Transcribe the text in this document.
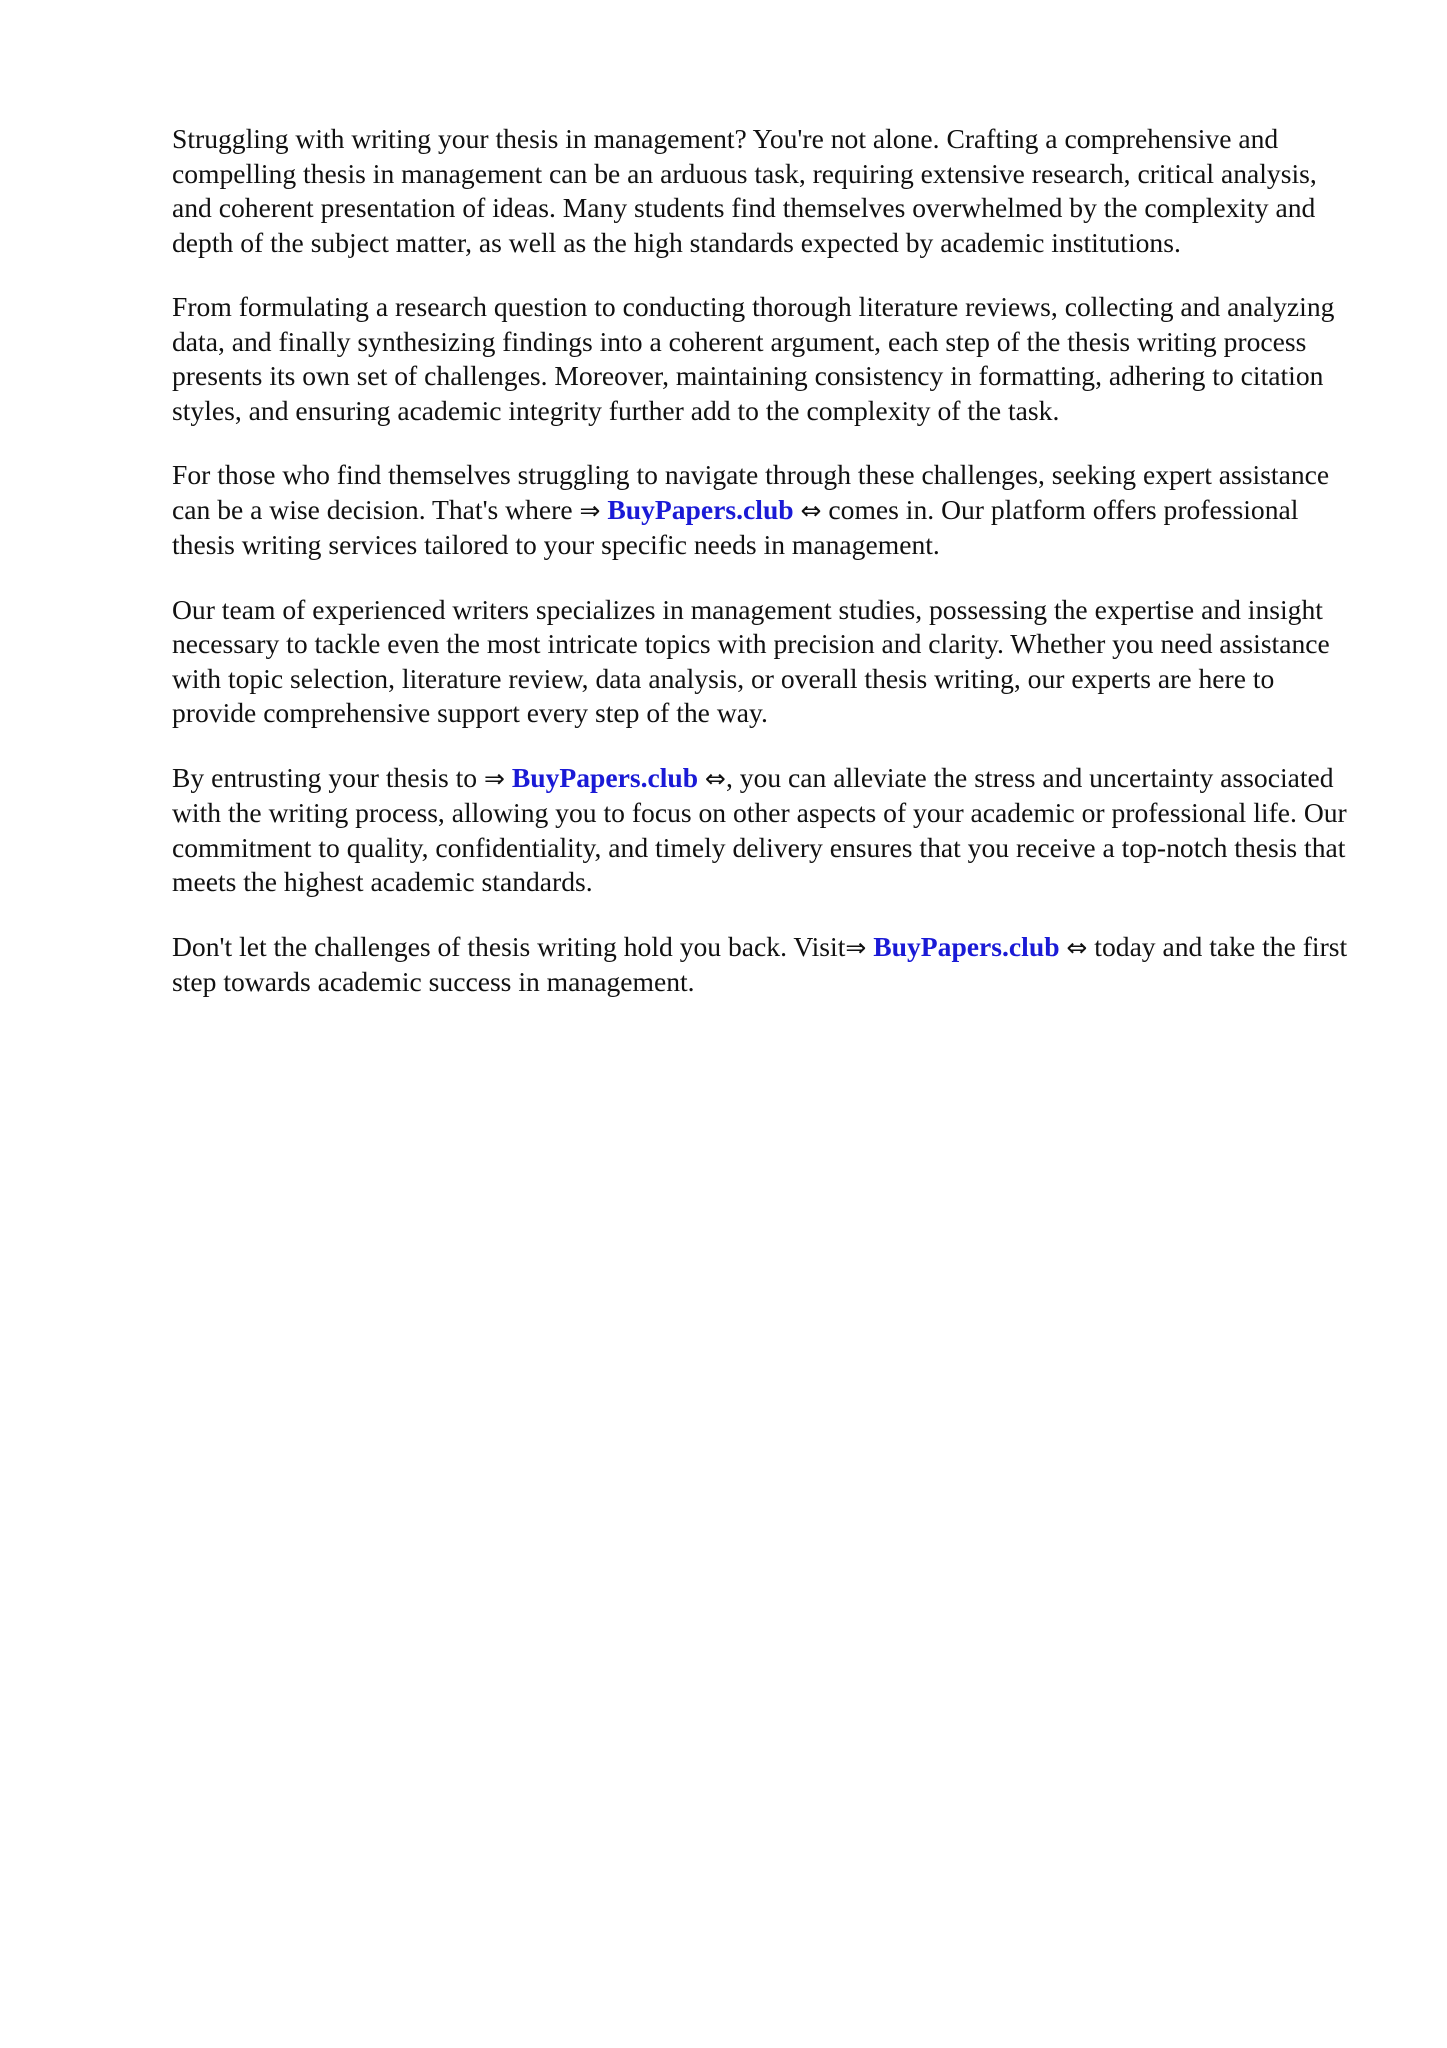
Struggling with writing your thesis in management? You're not alone. Crafting a comprehensive and compelling thesis in management can be an arduous task, requiring extensive research, critical analysis, and coherent presentation of ideas. Many students find themselves overwhelmed by the complexity and depth of the subject matter, as well as the high standards expected by academic institutions.

From formulating a research question to conducting thorough literature reviews, collecting and analyzing data, and finally synthesizing findings into a coherent argument, each step of the thesis writing process presents its own set of challenges. Moreover, maintaining consistency in formatting, adhering to citation styles, and ensuring academic integrity further add to the complexity of the task.

For those who find themselves struggling to navigate through these challenges, seeking expert assistance can be a wise decision. That's where ⇒ BuyPapers.club ⇔ comes in. Our platform offers professional thesis writing services tailored to your specific needs in management.

Our team of experienced writers specializes in management studies, possessing the expertise and insight necessary to tackle even the most intricate topics with precision and clarity. Whether you need assistance with topic selection, literature review, data analysis, or overall thesis writing, our experts are here to provide comprehensive support every step of the way.

By entrusting your thesis to ⇒ BuyPapers.club ⇔, you can alleviate the stress and uncertainty associated with the writing process, allowing you to focus on other aspects of your academic or professional life. Our commitment to quality, confidentiality, and timely delivery ensures that you receive a top-notch thesis that meets the highest academic standards.

Don't let the challenges of thesis writing hold you back. Visit⇒ BuyPapers.club ⇔ today and take the first step towards academic success in management.
